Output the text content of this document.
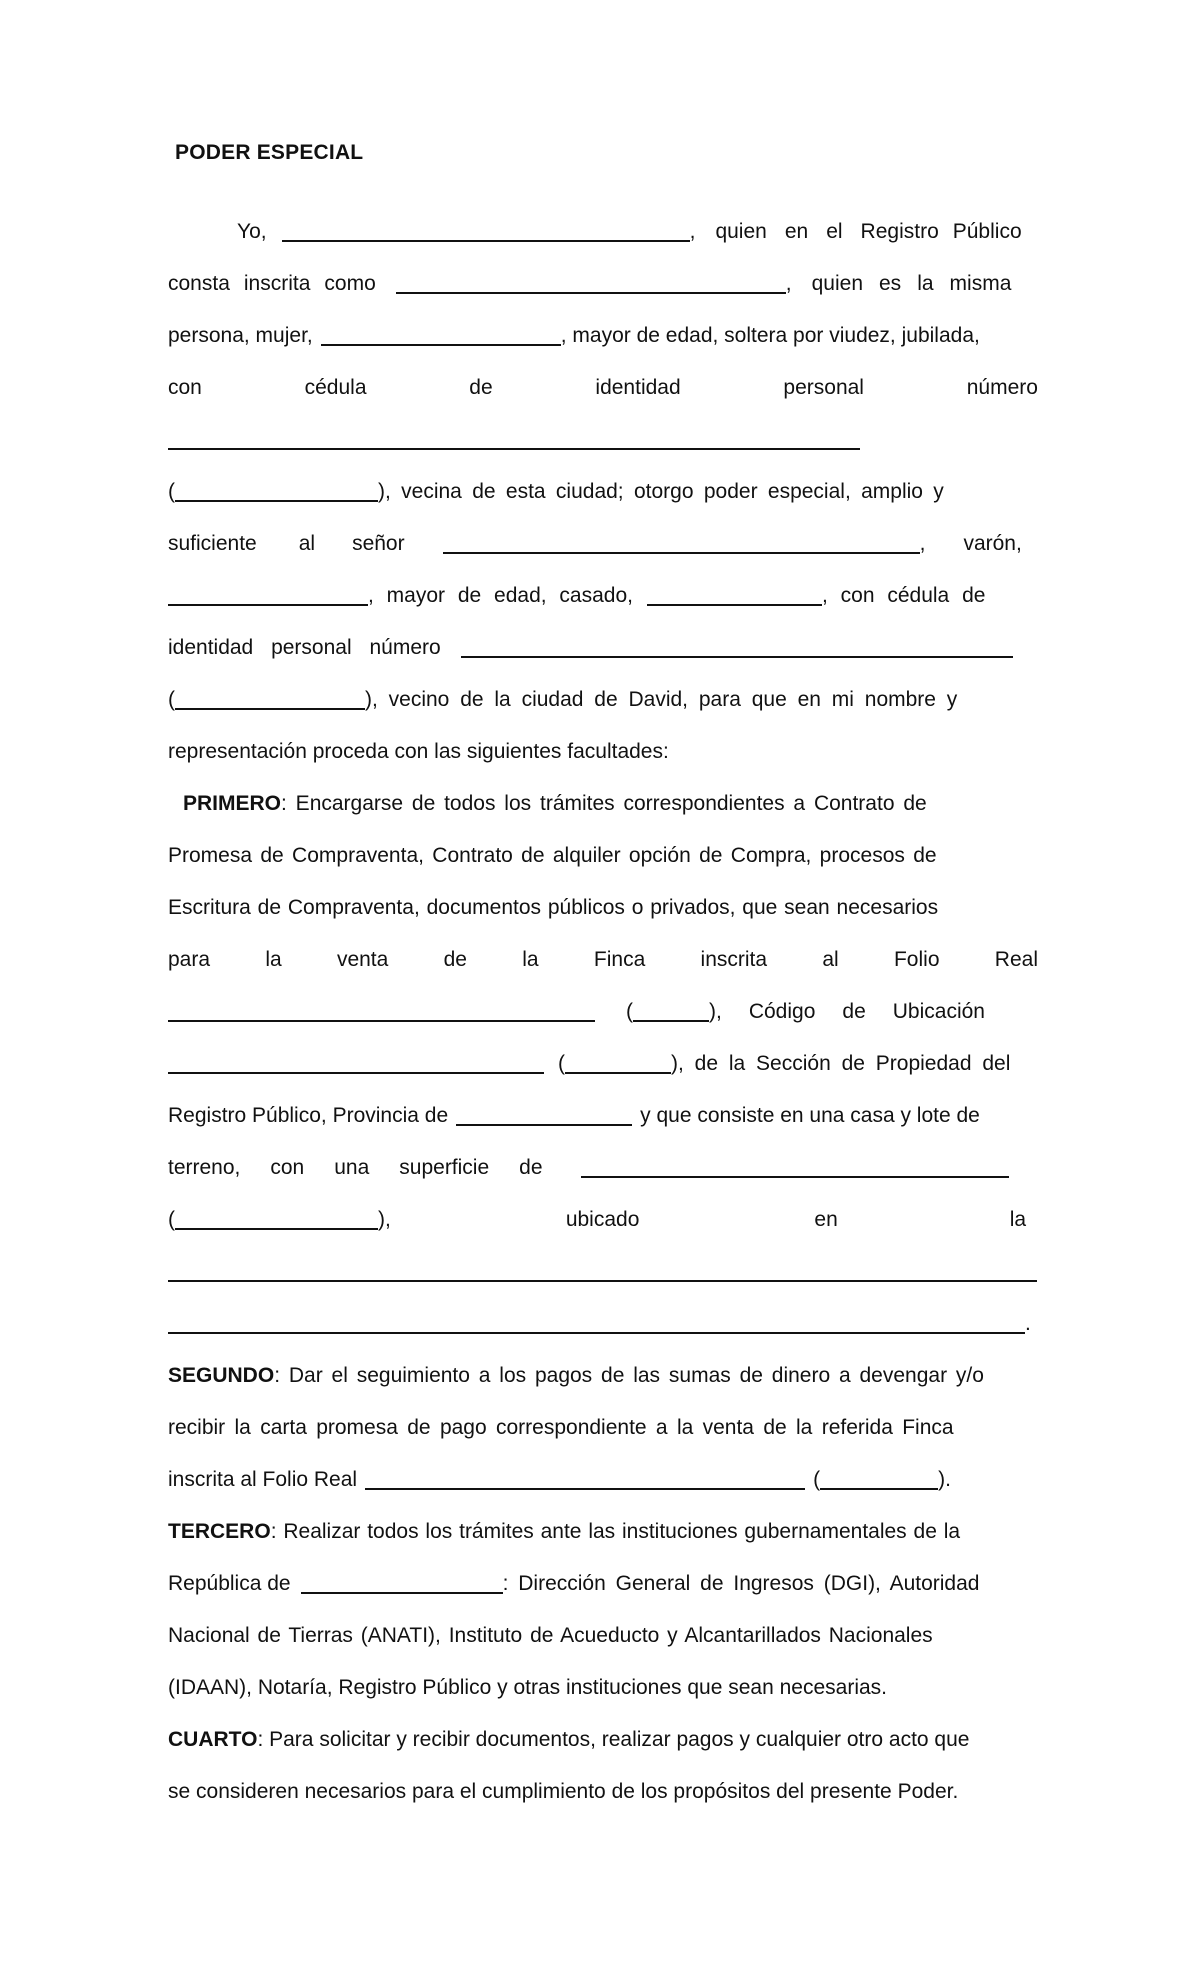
PODER ESPECIAL
Yo,	, quien en el Registro Público
consta inscrita como	, quien es la misma
persona, mujer,	, mayor de edad, soltera por viudez, jubilada,
con	cédula	de	identidad	personal	número
(	), vecina de esta ciudad; otorgo poder especial, amplio y
suficiente al señor	, varón,
, mayor de edad, casado,	, con cédula de
identidad personal número
(	), vecino de la ciudad de David, para que en mi nombre y
representación proceda con las siguientes facultades:
PRIMERO : Encargarse de todos los trámites correspondientes a Contrato de
Promesa de Compraventa, Contrato de alquiler opción de Compra, procesos de
Escritura de Compraventa, documentos públicos o privados, que sean necesarios
para	la	venta	de	la	Finca	inscrita	al	Folio	Real
(	), Código de Ubicación
(	), de la Sección de Propiedad del
Registro Público, Provincia de	y que consiste en una casa y lote de
terreno, con una superficie de
(	),	ubicado	en	la
.
SEGUNDO : Dar el seguimiento a los pagos de las sumas de dinero a devengar y/o
recibir la carta promesa de pago correspondiente a la venta de la referida Finca
inscrita al Folio Real	(	).
TERCERO : Realizar todos los trámites ante las instituciones gubernamentales de la
República de	: Dirección General de Ingresos (DGI), Autoridad
Nacional de Tierras (ANATI), Instituto de Acueducto y Alcantarillados Nacionales
(IDAAN), Notaría, Registro Público y otras instituciones que sean necesarias.
CUARTO : Para solicitar y recibir documentos, realizar pagos y cualquier otro acto que
se consideren necesarios para el cumplimiento de los propósitos del presente Poder.
